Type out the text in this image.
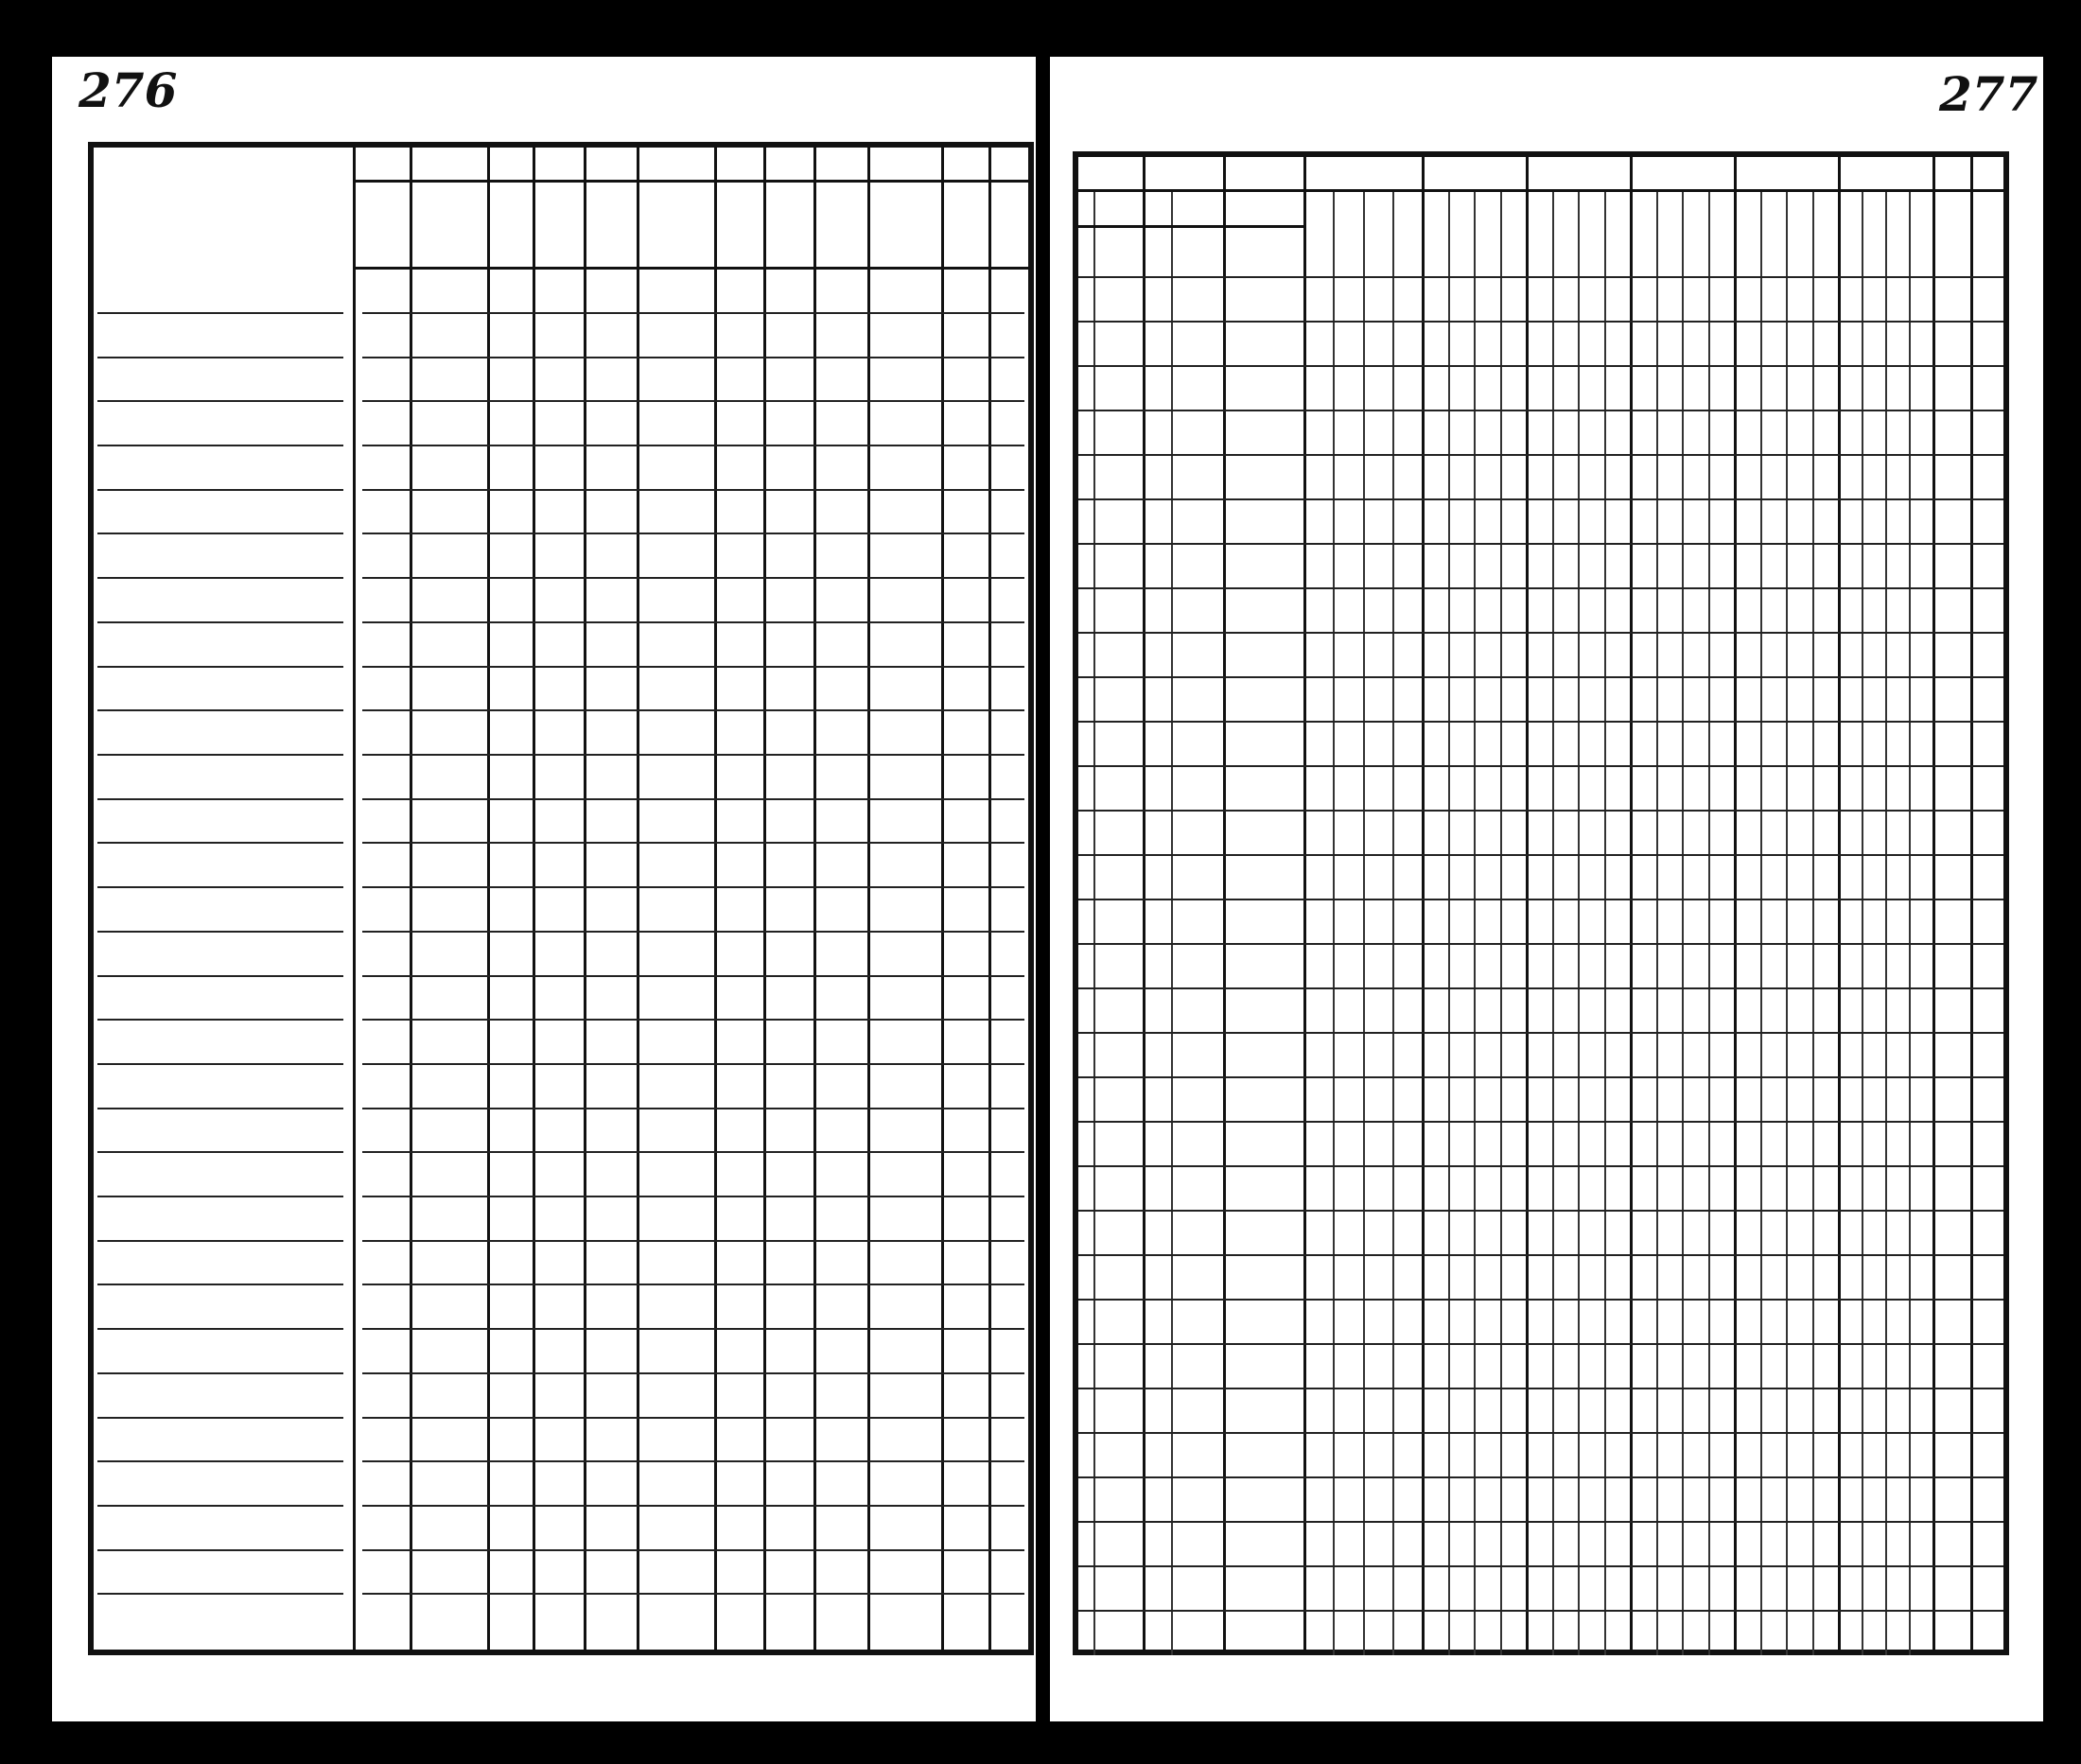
276	277
